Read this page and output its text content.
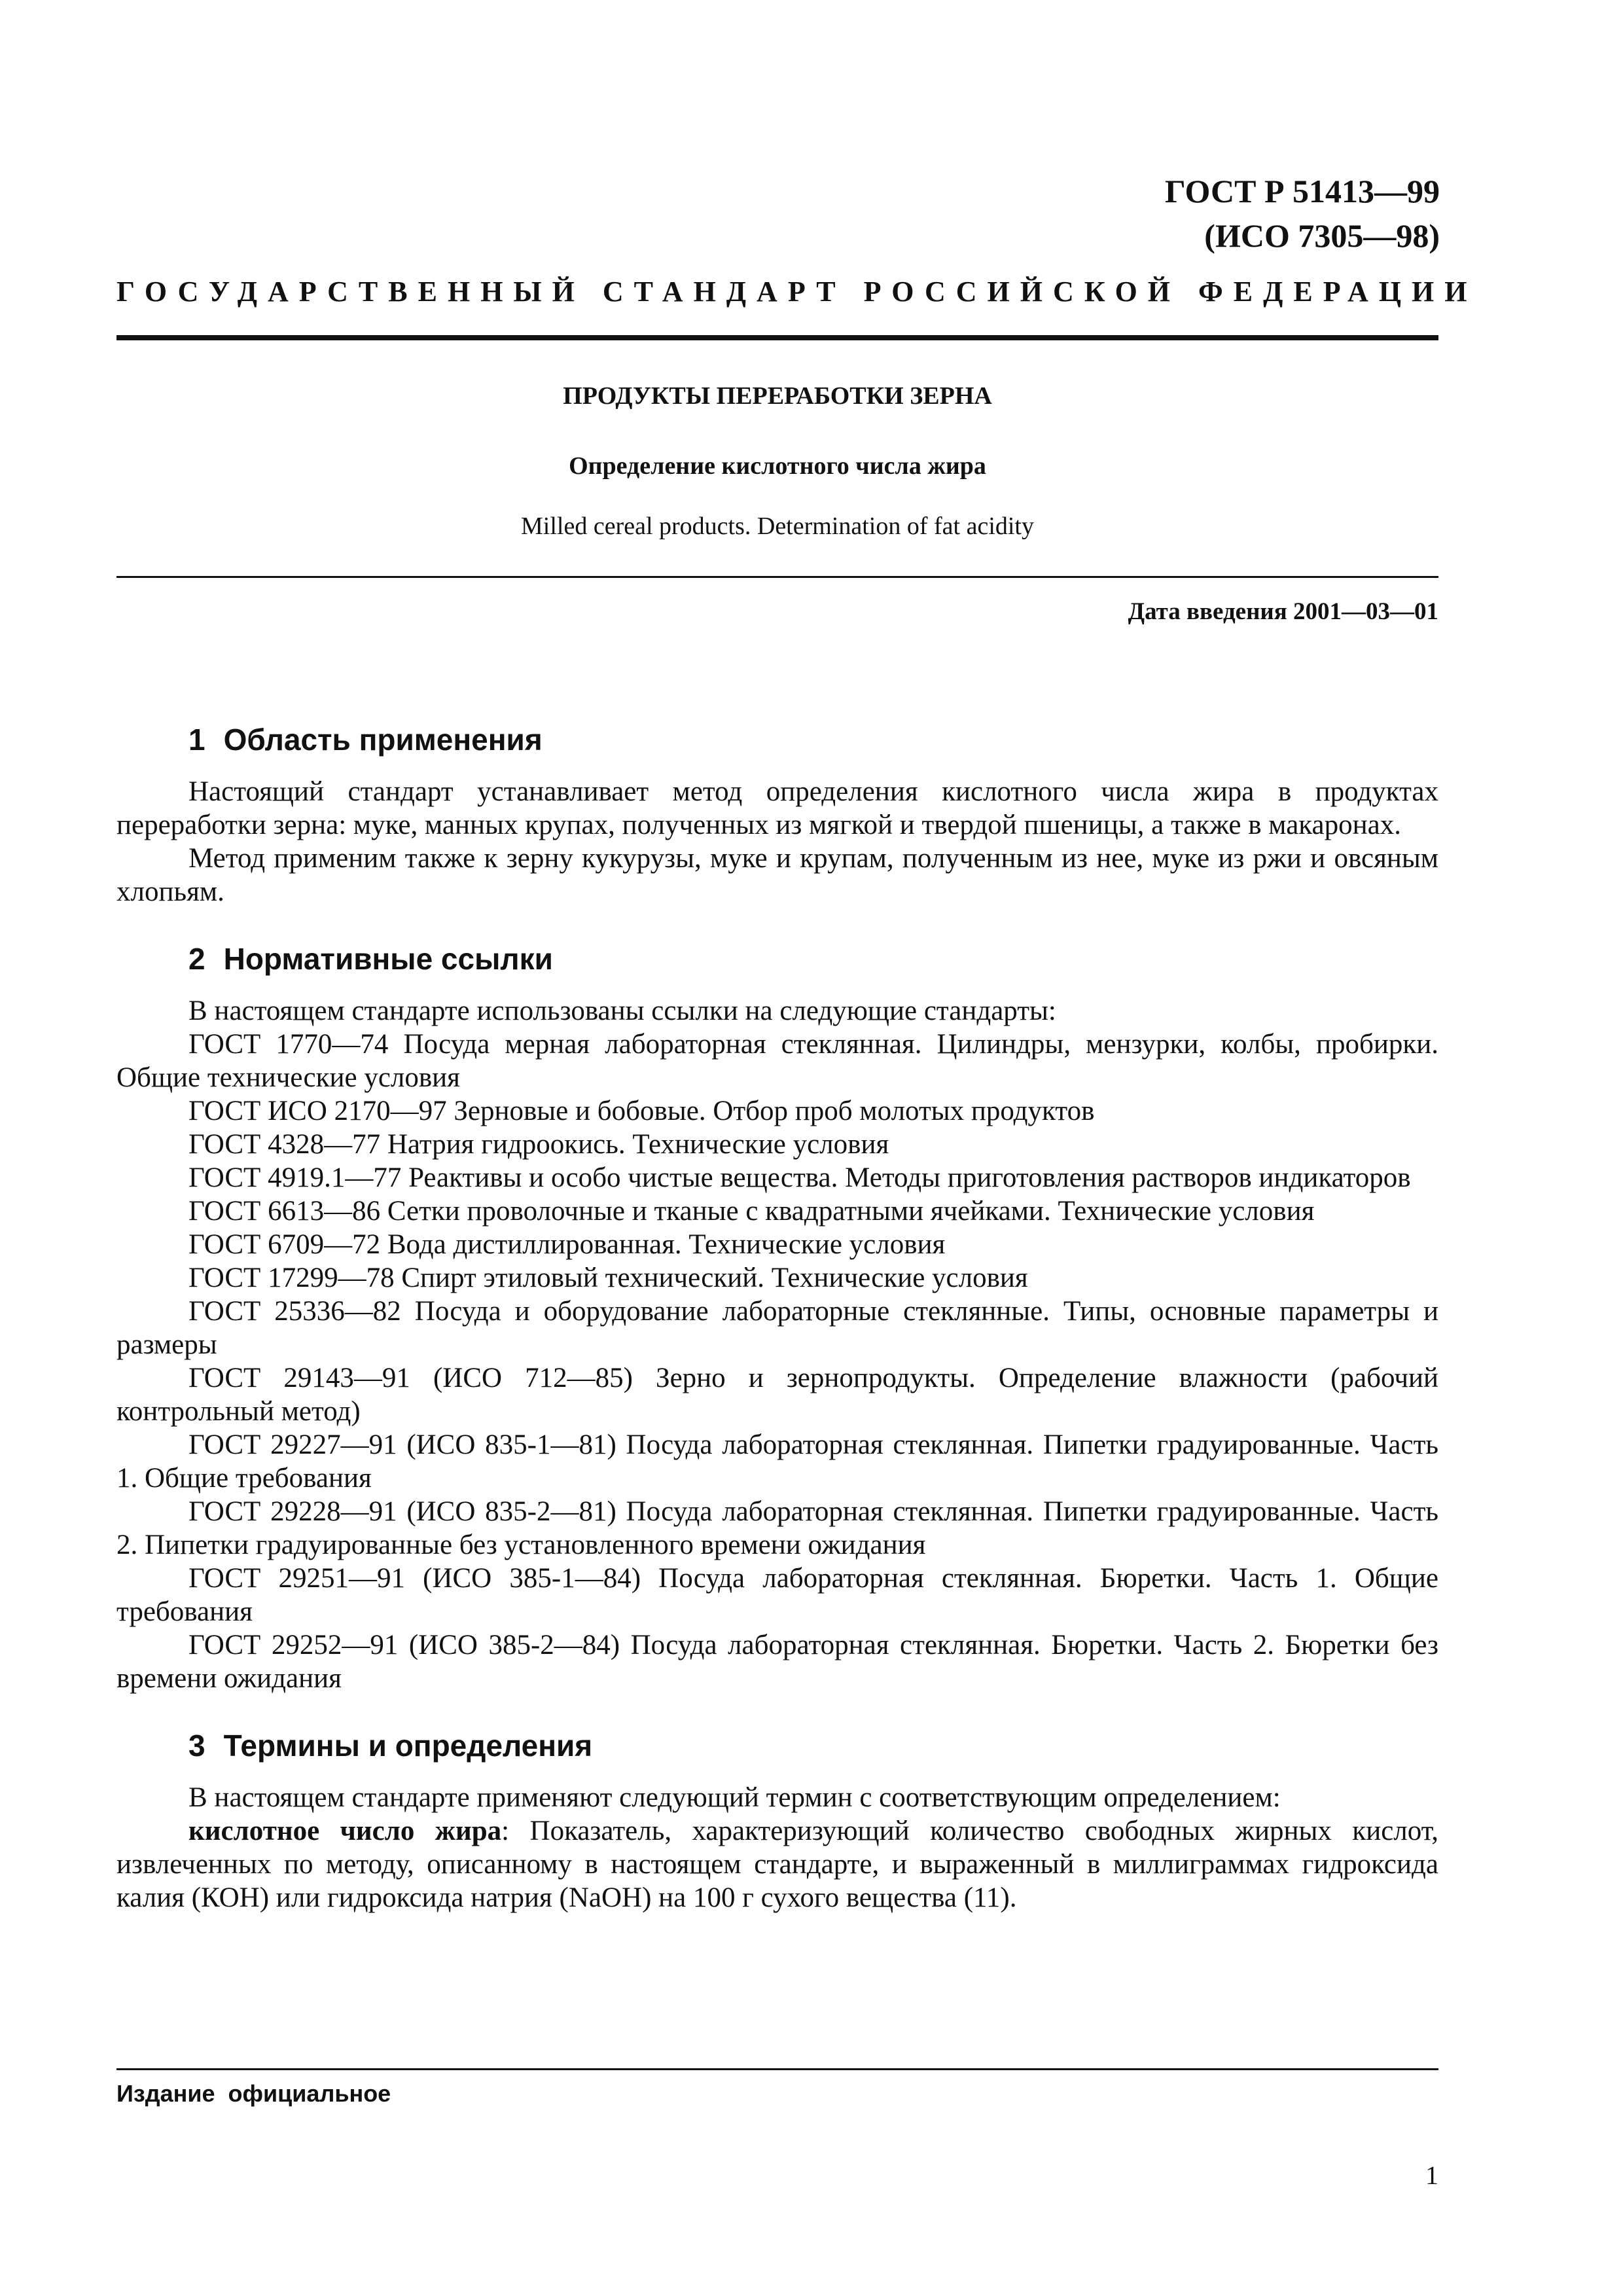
ГОСТ Р 51413—99
(ИСО 7305—98)
ГОСУДАРСТВЕННЫЙ СТАНДАРТ РОССИЙСКОЙ ФЕДЕРАЦИИ
ПРОДУКТЫ ПЕРЕРАБОТКИ ЗЕРНА
Определение кислотного числа жира
Milled cereal products. Determination of fat acidity
Дата введения 2001—03—01
1 Область применения

Настоящий стандарт устанавливает метод определения кислотного числа жира в продуктах переработки зерна: муке, манных крупах, полученных из мягкой и твердой пшеницы, а также в макаронах.

Метод применим также к зерну кукурузы, муке и крупам, полученным из нее, муке из ржи и овсяным хлопьям.

2 Нормативные ссылки

В настоящем стандарте использованы ссылки на следующие стандарты:

ГОСТ 1770—74 Посуда мерная лабораторная стеклянная. Цилиндры, мензурки, колбы, пробирки. Общие технические условия

ГОСТ ИСО 2170—97 Зерновые и бобовые. Отбор проб молотых продуктов

ГОСТ 4328—77 Натрия гидроокись. Технические условия

ГОСТ 4919.1—77 Реактивы и особо чистые вещества. Методы приготовления растворов индикаторов

ГОСТ 6613—86 Сетки проволочные и тканые с квадратными ячейками. Технические условия

ГОСТ 6709—72 Вода дистиллированная. Технические условия

ГОСТ 17299—78 Спирт этиловый технический. Технические условия

ГОСТ 25336—82 Посуда и оборудование лабораторные стеклянные. Типы, основные параметры и размеры

ГОСТ 29143—91 (ИСО 712—85) Зерно и зернопродукты. Определение влажности (рабочий контрольный метод)

ГОСТ 29227—91 (ИСО 835-1—81) Посуда лабораторная стеклянная. Пипетки градуированные. Часть 1. Общие требования

ГОСТ 29228—91 (ИСО 835-2—81) Посуда лабораторная стеклянная. Пипетки градуированные. Часть 2. Пипетки градуированные без установленного времени ожидания

ГОСТ 29251—91 (ИСО 385-1—84) Посуда лабораторная стеклянная. Бюретки. Часть 1. Общие требования

ГОСТ 29252—91 (ИСО 385-2—84) Посуда лабораторная стеклянная. Бюретки. Часть 2. Бюретки без времени ожидания

3 Термины и определения

В настоящем стандарте применяют следующий термин с соответствующим определением:

кислотное число жира: Показатель, характеризующий количество свободных жирных кислот, извлеченных по методу, описанному в настоящем стандарте, и выраженный в миллиграммах гидроксида калия (КОН) или гидроксида натрия (NaOH) на 100 г сухого вещества (11).

Издание официальное
1
